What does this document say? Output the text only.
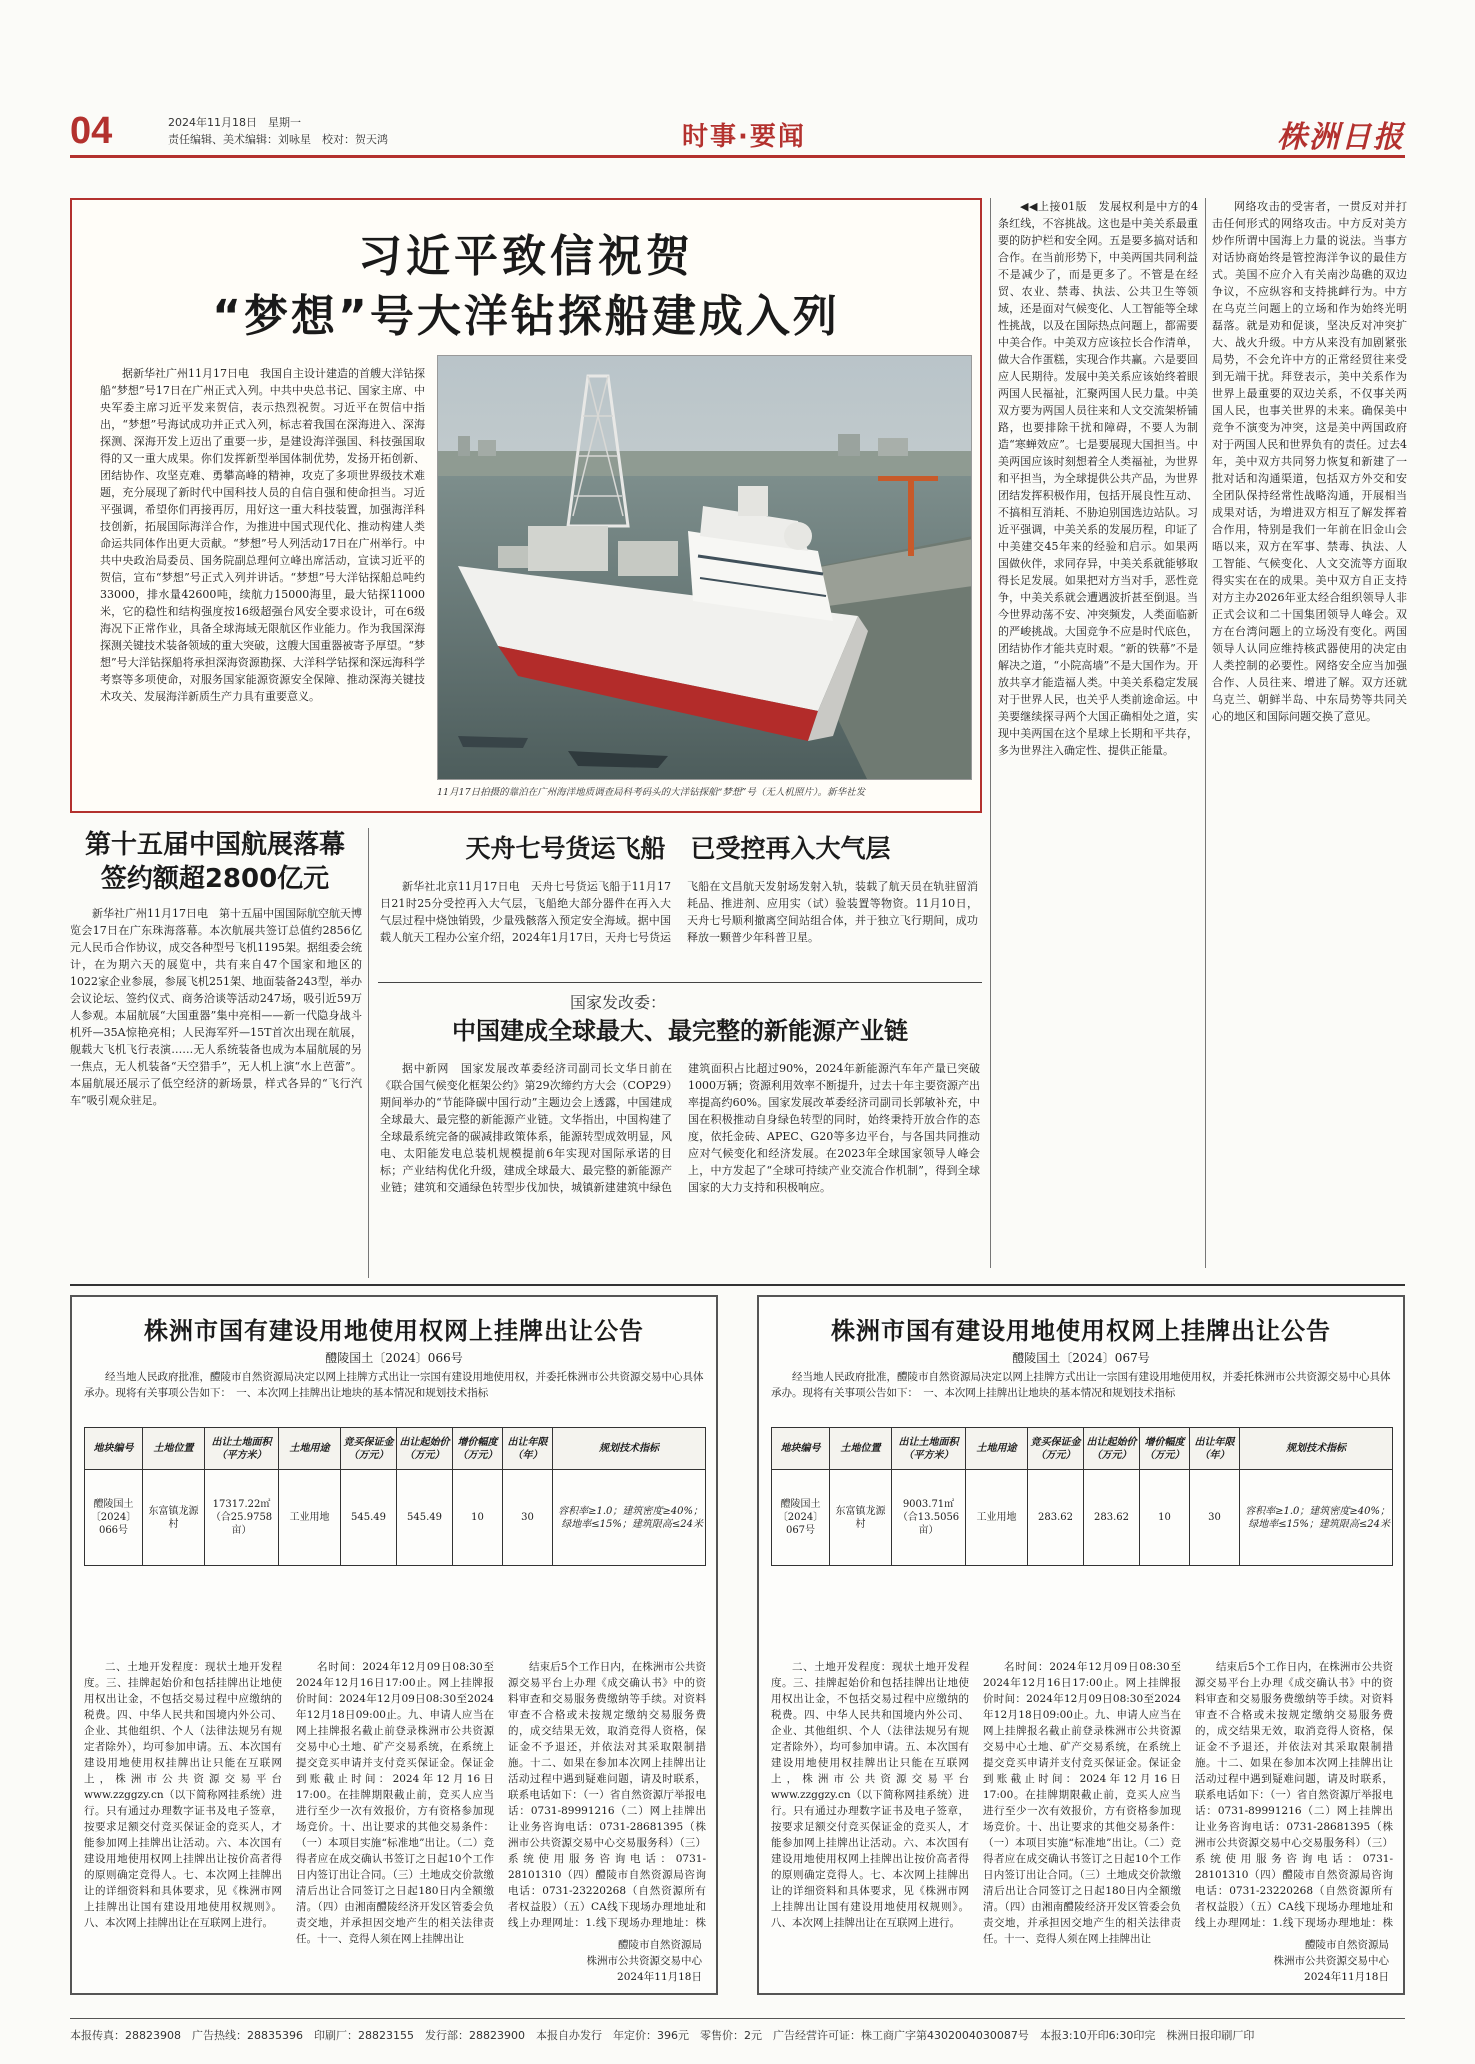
04	2024年11月18日　星期一
责任编辑、美术编辑：刘咏星　校对：贺天鸿	时事·要闻	株洲日报
习近平致信祝贺
“梦想”号大洋钻探船建成入列
据新华社广州11月17日电　我国自主设计建造的首艘大洋钻探船“梦想”号17日在广州正式入列。中共中央总书记、国家主席、中央军委主席习近平发来贺信，表示热烈祝贺。习近平在贺信中指出，“梦想”号海试成功并正式入列，标志着我国在深海进入、深海探测、深海开发上迈出了重要一步，是建设海洋强国、科技强国取得的又一重大成果。你们发挥新型举国体制优势，发扬开拓创新、团结协作、攻坚克难、勇攀高峰的精神，攻克了多项世界级技术难题，充分展现了新时代中国科技人员的自信自强和使命担当。习近平强调，希望你们再接再厉，用好这一重大科技装置，加强海洋科技创新，拓展国际海洋合作，为推进中国式现代化、推动构建人类命运共同体作出更大贡献。“梦想”号人列活动17日在广州举行。中共中央政治局委员、国务院副总理何立峰出席活动，宣读习近平的贺信，宣布“梦想”号正式入列并讲话。“梦想”号大洋钻探船总吨约33000，排水量42600吨，续航力15000海里，最大钻探11000米，它的稳性和结构强度按16级超强台风安全要求设计，可在6级海况下正常作业，具备全球海域无限航区作业能力。作为我国深海探测关键技术装备领域的重大突破，这艘大国重器被寄予厚望。“梦想”号大洋钻探船将承担深海资源勘探、大洋科学钻探和深远海科学考察等多项使命，对服务国家能源资源安全保障、推动深海关键技术攻关、发展海洋新质生产力具有重要意义。
11月17日拍摄的靠泊在广州海洋地质调查局科考码头的大洋钻探船“梦想”号（无人机照片）。新华社发

◀◀上接01版　发展权利是中方的4条红线，不容挑战。这也是中美关系最重要的防护栏和安全网。五是要多搞对话和合作。在当前形势下，中美两国共同利益不是减少了，而是更多了。不管是在经贸、农业、禁毒、执法、公共卫生等领域，还是面对气候变化、人工智能等全球性挑战，以及在国际热点问题上，都需要中美合作。中美双方应该拉长合作清单，做大合作蛋糕，实现合作共赢。六是要回应人民期待。发展中美关系应该始终着眼两国人民福祉，汇聚两国人民力量。中美双方要为两国人员往来和人文交流架桥铺路，也要排除干扰和障碍，不要人为制造“寒蝉效应”。七是要展现大国担当。中美两国应该时刻想着全人类福祉，为世界和平担当，为全球提供公共产品，为世界团结发挥积极作用，包括开展良性互动、不搞相互消耗、不胁迫别国选边站队。习近平强调，中美关系的发展历程，印证了中美建交45年来的经验和启示。如果两国做伙伴，求同存异，中美关系就能够取得长足发展。如果把对方当对手，恶性竞争，中美关系就会遭遇波折甚至倒退。当今世界动荡不安、冲突频发，人类面临新的严峻挑战。大国竞争不应是时代底色，团结协作才能共克时艰。“新的铁幕”不是解决之道，“小院高墙”不是大国作为。开放共享才能造福人类。中美关系稳定发展对于世界人民，也关乎人类前途命运。中美要继续探寻两个大国正确相处之道，实现中美两国在这个星球上长期和平共存，多为世界注入确定性、提供正能量。

网络攻击的受害者，一贯反对并打击任何形式的网络攻击。中方反对美方炒作所谓中国海上力量的说法。当事方对话协商始终是管控海洋争议的最佳方式。美国不应介入有关南沙岛礁的双边争议，不应纵容和支持挑衅行为。中方在乌克兰问题上的立场和作为始终光明磊落。就是劝和促谈，坚决反对冲突扩大、战火升级。中方从来没有加剧紧张局势，不会允许中方的正常经贸往来受到无端干扰。拜登表示，美中关系作为世界上最重要的双边关系，不仅事关两国人民，也事关世界的未来。确保美中竞争不演变为冲突，这是美中两国政府对于两国人民和世界负有的责任。过去4年，美中双方共同努力恢复和新建了一批对话和沟通渠道，包括双方外交和安全团队保持经常性战略沟通，开展相当成果对话，为增进双方相互了解发挥着合作用，特别是我们一年前在旧金山会晤以来，双方在军事、禁毒、执法、人工智能、气候变化、人文交流等方面取得实实在在的成果。美中双方自正支持对方主办2026年亚太经合组织领导人非正式会议和二十国集团领导人峰会。双方在台湾问题上的立场没有变化。两国领导人认同应维持核武器使用的决定由人类控制的必要性。网络安全应当加强合作、人员往来、增进了解。双方还就乌克兰、朝鲜半岛、中东局势等共同关心的地区和国际问题交换了意见。

第十五届中国航展落幕
签约额超2800亿元

新华社广州11月17日电　第十五届中国国际航空航天博览会17日在广东珠海落幕。本次航展共签订总值约2856亿元人民币合作协议，成交各种型号飞机1195架。据组委会统计，在为期六天的展览中，共有来自47个国家和地区的1022家企业参展，参展飞机251架、地面装备243型，举办会议论坛、签约仪式、商务洽谈等活动247场，吸引近59万人参观。本届航展“大国重器”集中亮相——新一代隐身战斗机歼—35A惊艳亮相；人民海军歼—15T首次出现在航展，舰载大飞机飞行表演……无人系统装备也成为本届航展的另一焦点，无人机装备“天空猎手”，无人机上演“水上芭蕾”。本届航展还展示了低空经济的新场景，样式各异的“飞行汽车”吸引观众驻足。

天舟七号货运飞船　已受控再入大气层

新华社北京11月17日电　天舟七号货运飞船于11月17日21时25分受控再入大气层，飞船绝大部分器件在再入大气层过程中烧蚀销毁，少量残骸落入预定安全海域。据中国载人航天工程办公室介绍，2024年1月17日，天舟七号货运飞船在文昌航天发射场发射入轨，装载了航天员在轨驻留消耗品、推进剂、应用实（试）验装置等物资。11月10日，天舟七号顺利撤离空间站组合体，并于独立飞行期间，成功释放一颗普少年科普卫星。

国家发改委：
中国建成全球最大、最完整的新能源产业链

据中新网　国家发展改革委经济司副司长文华日前在《联合国气候变化框架公约》第29次缔约方大会（COP29）期间举办的“节能降碳中国行动”主题边会上透露，中国建成全球最大、最完整的新能源产业链。文华指出，中国构建了全球最系统完备的碳减排政策体系，能源转型成效明显，风电、太阳能发电总装机规模提前6年实现对国际承诺的目标；产业结构优化升级，建成全球最大、最完整的新能源产业链；建筑和交通绿色转型步伐加快，城镇新建建筑中绿色建筑面积占比超过90%，2024年新能源汽车年产量已突破1000万辆；资源利用效率不断提升，过去十年主要资源产出率提高约60%。国家发展改革委经济司副司长郭敏补充，中国在积极推动自身绿色转型的同时，始终秉持开放合作的态度，依托金砖、APEC、G20等多边平台，与各国共同推动应对气候变化和经济发展。在2023年全球国家领导人峰会上，中方发起了“全球可持续产业交流合作机制”，得到全球国家的大力支持和积极响应。

株洲市国有建设用地使用权网上挂牌出让公告
醴陵国土〔2024〕066号
经当地人民政府批准，醴陵市自然资源局决定以网上挂牌方式出让一宗国有建设用地使用权，并委托株洲市公共资源交易中心具体承办。现将有关事项公告如下：　一、本次网上挂牌出让地块的基本情况和规划技术指标
地块编号	土地位置	出让土地面积（平方米）	土地用途	竞买保证金（万元）	出让起始价（万元）	增价幅度（万元）	出让年限（年）	规划技术指标
醴陵国土〔2024〕066号	东富镇龙源村	17317.22㎡（合25.9758亩）	工业用地	545.49	545.49	10	30	容积率≥1.0；建筑密度≥40%；绿地率≤15%；建筑限高≤24米

二、土地开发程度：现状土地开发程度。三、挂牌起始价和包括挂牌出让地使用权出让金，不包括交易过程中应缴纳的税费。四、中华人民共和国境内外公司、企业、其他组织、个人（法律法规另有规定者除外），均可参加申请。五、本次国有建设用地使用权挂牌出让只能在互联网上，株洲市公共资源交易平台www.zzggzy.cn（以下简称网挂系统）进行。只有通过办理数字证书及电子签章，按要求足额交付竞买保证金的竞买人，才能参加网上挂牌出让活动。六、本次国有建设用地使用权网上挂牌出让按价高者得的原则确定竞得人。七、本次网上挂牌出让的详细资料和具体要求，见《株洲市网上挂牌出让国有建设用地使用权规则》。八、本次网上挂牌出让在互联网上进行。

名时间：2024年12月09日08:30至2024年12月16日17:00止。网上挂牌报价时间：2024年12月09日08:30至2024年12月18日09:00止。九、申请人应当在网上挂牌报名截止前登录株洲市公共资源交易中心土地、矿产交易系统，在系统上提交竞买申请并支付竞买保证金。保证金到账截止时间：2024年12月16日17:00。在挂牌期限截止前，竞买人应当进行至少一次有效报价，方有资格参加现场竞价。十、出让要求的其他交易条件：（一）本项目实施“标准地”出让。（二）竞得者应在成交确认书签订之日起10个工作日内签订出让合同。（三）土地成交价款缴清后出让合同签订之日起180日内全额缴清。（四）由湘南醴陵经济开发区管委会负责交地，并承担因交地产生的相关法律责任。十一、竞得人须在网上挂牌出让

结束后5个工作日内，在株洲市公共资源交易平台上办理《成交确认书》中的资料审查和交易服务费缴纳等手续。对资料审查不合格或未按规定缴纳交易服务费的，成交结果无效，取消竞得人资格，保证金不予退还，并依法对其采取限制措施。十二、如果在参加本次网上挂牌出让活动过程中遇到疑难问题，请及时联系，联系电话如下：（一）省自然资源厅举报电话：0731-89991216（二）网上挂牌出让业务咨询电话：0731-28681395（株洲市公共资源交易中心交易服务科）（三）系统使用服务咨询电话：0731-28101310（四）醴陵市自然资源局咨询电话：0731-23220268（自然资源所有者权益股）（五）CA线下现场办理地址和线上办理网址：1.线下现场办理地址：株

醴陵市自然资源局
株洲市公共资源交易中心
2024年11月18日
株洲市国有建设用地使用权网上挂牌出让公告
醴陵国土〔2024〕067号
经当地人民政府批准，醴陵市自然资源局决定以网上挂牌方式出让一宗国有建设用地使用权，并委托株洲市公共资源交易中心具体承办。现将有关事项公告如下：　一、本次网上挂牌出让地块的基本情况和规划技术指标
地块编号	土地位置	出让土地面积（平方米）	土地用途	竞买保证金（万元）	出让起始价（万元）	增价幅度（万元）	出让年限（年）	规划技术指标
醴陵国土〔2024〕067号	东富镇龙源村	9003.71㎡（合13.5056亩）	工业用地	283.62	283.62	10	30	容积率≥1.0；建筑密度≥40%；绿地率≤15%；建筑限高≤24米

二、土地开发程度：现状土地开发程度。三、挂牌起始价和包括挂牌出让地使用权出让金，不包括交易过程中应缴纳的税费。四、中华人民共和国境内外公司、企业、其他组织、个人（法律法规另有规定者除外），均可参加申请。五、本次国有建设用地使用权挂牌出让只能在互联网上，株洲市公共资源交易平台www.zzggzy.cn（以下简称网挂系统）进行。只有通过办理数字证书及电子签章，按要求足额交付竞买保证金的竞买人，才能参加网上挂牌出让活动。六、本次国有建设用地使用权网上挂牌出让按价高者得的原则确定竞得人。七、本次网上挂牌出让的详细资料和具体要求，见《株洲市网上挂牌出让国有建设用地使用权规则》。八、本次网上挂牌出让在互联网上进行。

名时间：2024年12月09日08:30至2024年12月16日17:00止。网上挂牌报价时间：2024年12月09日08:30至2024年12月18日09:00止。九、申请人应当在网上挂牌报名截止前登录株洲市公共资源交易中心土地、矿产交易系统，在系统上提交竞买申请并支付竞买保证金。保证金到账截止时间：2024年12月16日17:00。在挂牌期限截止前，竞买人应当进行至少一次有效报价，方有资格参加现场竞价。十、出让要求的其他交易条件：（一）本项目实施“标准地”出让。（二）竞得者应在成交确认书签订之日起10个工作日内签订出让合同。（三）土地成交价款缴清后出让合同签订之日起180日内全额缴清。（四）由湘南醴陵经济开发区管委会负责交地，并承担因交地产生的相关法律责任。十一、竞得人须在网上挂牌出让

结束后5个工作日内，在株洲市公共资源交易平台上办理《成交确认书》中的资料审查和交易服务费缴纳等手续。对资料审查不合格或未按规定缴纳交易服务费的，成交结果无效，取消竞得人资格，保证金不予退还，并依法对其采取限制措施。十二、如果在参加本次网上挂牌出让活动过程中遇到疑难问题，请及时联系，联系电话如下：（一）省自然资源厅举报电话：0731-89991216（二）网上挂牌出让业务咨询电话：0731-28681395（株洲市公共资源交易中心交易服务科）（三）系统使用服务咨询电话：0731-28101310（四）醴陵市自然资源局咨询电话：0731-23220268（自然资源所有者权益股）（五）CA线下现场办理地址和线上办理网址：1.线下现场办理地址：株

醴陵市自然资源局
株洲市公共资源交易中心
2024年11月18日
本报传真：28823908　广告热线：28835396　印刷厂：28823155　发行部：28823900　本报自办发行　年定价：396元　零售价：2元　广告经营许可证：株工商广字第4302004030087号　本报3:10开印6:30印完　株洲日报印刷厂印
